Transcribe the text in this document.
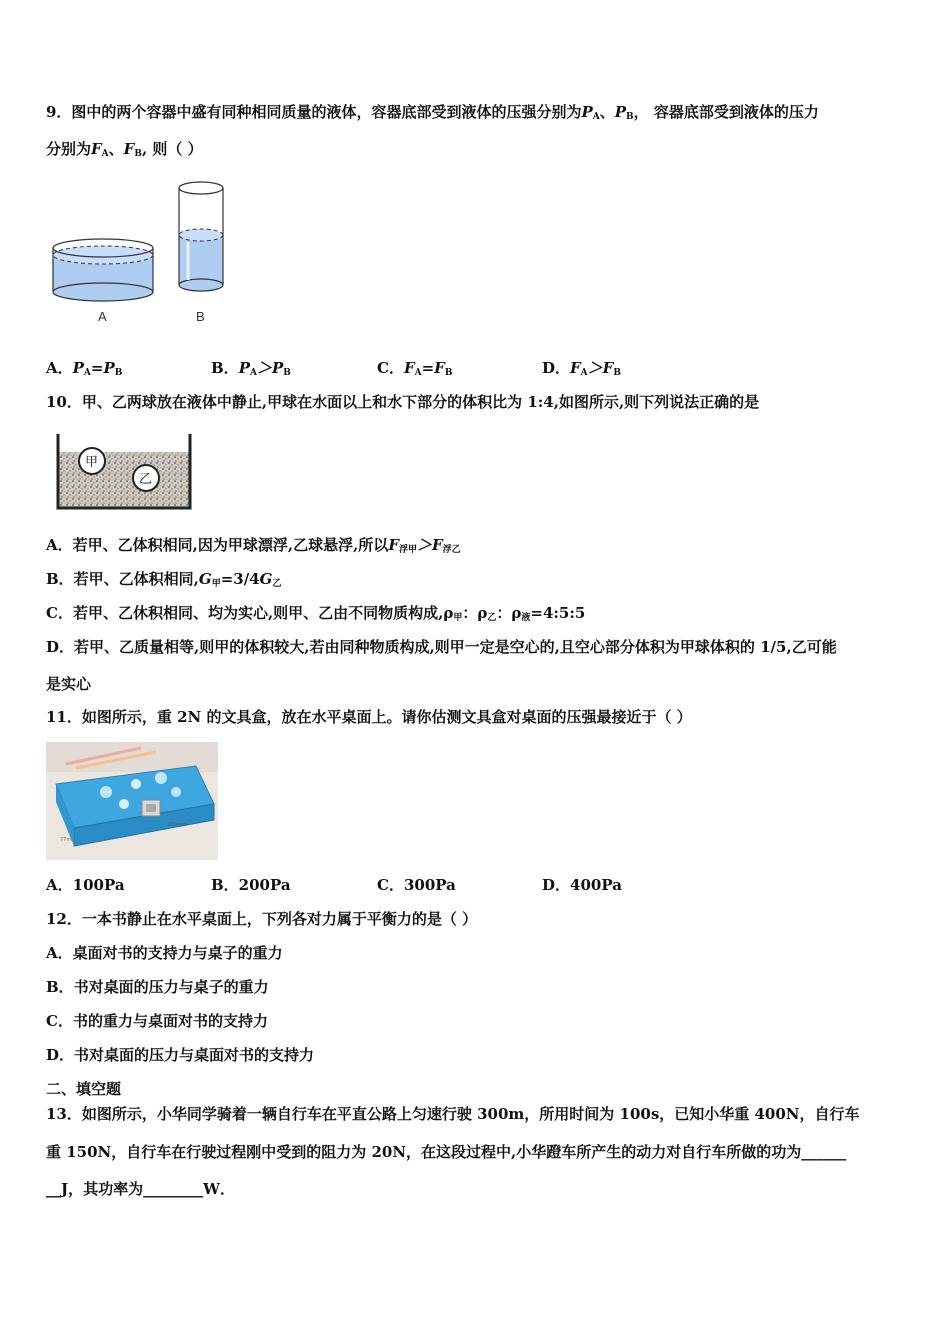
9．图中的两个容器中盛有同种相同质量的液体，容器底部受到液体的压强分别为$P_A$、$P_B$， 容器底部受到液体的压力
分别为$F_A$、$F_B$, 则（ ）
A	B
A．$P_A=P_B$	B．$P_A>P_B$	C．$F_A=F_B$	D．$F_A>F_B$
10．甲、乙两球放在液体中静止,甲球在水面以上和水下部分的体积比为 1:4,如图所示,则下列说法正确的是
甲
乙
A．若甲、乙体积相同,因为甲球漂浮,乙球悬浮,所以$F_{浮甲}>F_{浮乙}$
B．若甲、乙体积相同$,G_甲=3/4G_乙$
C．若甲、乙休积相同、均为实心,则甲、乙由不同物质构成$,\rho_甲$：$\rho_乙$：$\rho_液=4:5:5$
D．若甲、乙质量相等,则甲的体积较大,若由同种物质构成,则甲一定是空心的,且空心部分体积为甲球体积的 1/5,乙可能
是实心
11．如图所示，重 2N 的文具盒，放在水平桌面上。请你估测文具盒对桌面的压强最接近于（ ）
77mm
200mm
A．100Pa	B．200Pa	C．300Pa	D．400Pa
12．一本书静止在水平桌面上，下列各对力属于平衡力的是（ ）
A．桌面对书的支持力与桌子的重力
B．书对桌面的压力与桌子的重力
C．书的重力与桌面对书的支持力
D．书对桌面的压力与桌面对书的支持力
二、填空题
13．如图所示，小华同学骑着一辆自行车在平直公路上匀速行驶 300m，所用时间为 100s，已知小华重 400N，自行车
重 150N，自行车在行驶过程刚中受到的阻力为 20N，在这段过程中,小华蹬车所产生的动力对自行车所做的功为______
__J，其功率为________W．
